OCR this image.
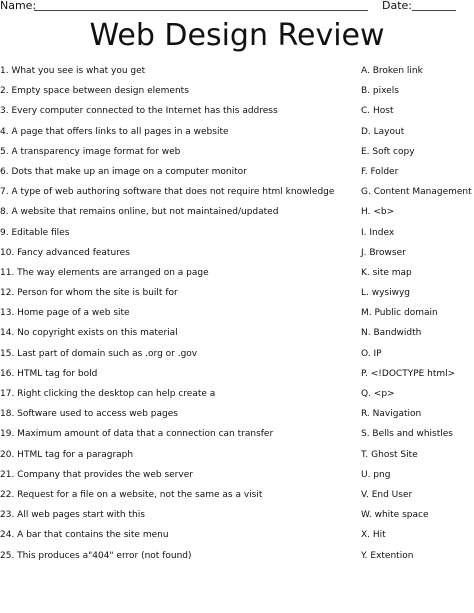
Name:	Date:
Web Design Review
1. What you see is what you get	A. Broken link
2. Empty space between design elements	B. pixels
3. Every computer connected to the Internet has this address	C. Host
4. A page that offers links to all pages in a website	D. Layout
5. A transparency image format for web	E. Soft copy
6. Dots that make up an image on a computer monitor	F. Folder
7. A type of web authoring software that does not require html knowledge	G. Content Management
8. A website that remains online, but not maintained/updated	H. <b>
9. Editable files	I. Index
10. Fancy advanced features	J. Browser
11. The way elements are arranged on a page	K. site map
12. Person for whom the site is built for	L. wysiwyg
13. Home page of a web site	M. Public domain
14. No copyright exists on this material	N. Bandwidth
15. Last part of domain such as .org or .gov	O. IP
16. HTML tag for bold	P. <!DOCTYPE html>
17. Right clicking the desktop can help create a	Q. <p>
18. Software used to access web pages	R. Navigation
19. Maximum amount of data that a connection can transfer	S. Bells and whistles
20. HTML tag for a paragraph	T. Ghost Site
21. Company that provides the web server	U. png
22. Request for a file on a website, not the same as a visit	V. End User
23. All web pages start with this	W. white space
24. A bar that contains the site menu	X. Hit
25. This produces a"404" error (not found)	Y. Extention
